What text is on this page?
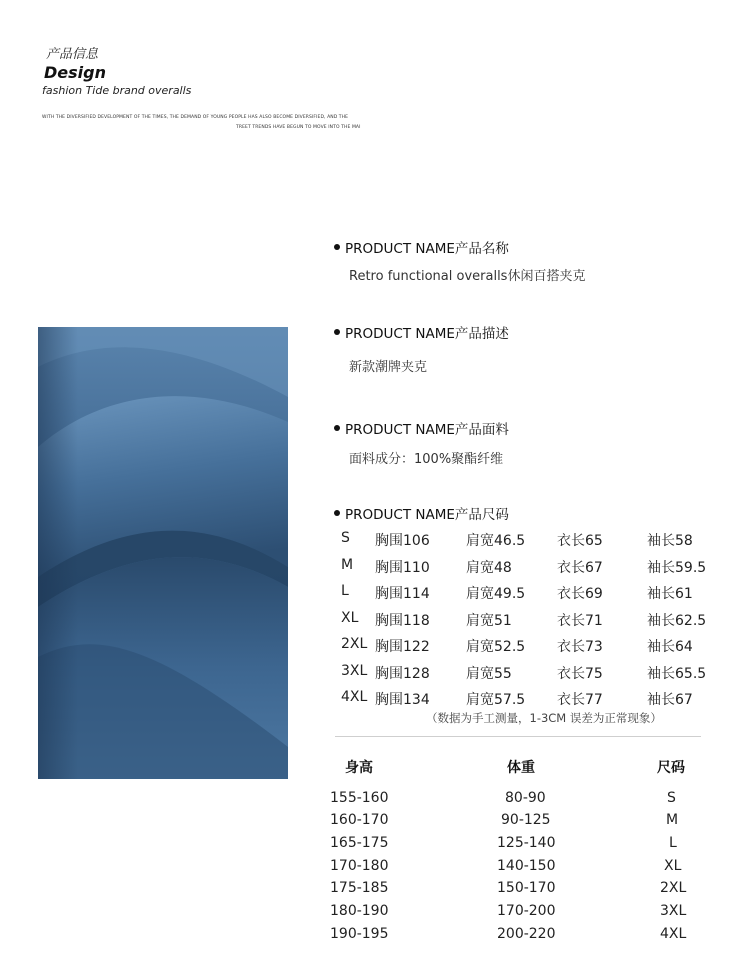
产品信息
Design
fashion Tide brand overalls
WITH THE DIVERSIFIED DEVELOPMENT OF THE TIMES, THE DEMAND OF YOUNG PEOPLE HAS ALSO BECOME DIVERSIFIED, AND THE
TREET TRENDS HAVE BEGUN TO MOVE INTO THE MAI
PRODUCT NAME产品名称
Retro functional overalls休闲百搭夹克
PRODUCT NAME产品描述
新款潮牌夹克
PRODUCT NAME产品面料
面料成分：100%聚酯纤维
PRODUCT NAME产品尺码
S 胸围106	肩宽46.5 衣长65	袖长58
M 胸围110	肩宽48	衣长67	袖长59.5
L 胸围114	肩宽49.5 衣长69	袖长61
XL 胸围118	肩宽51	衣长71	袖长62.5
2XL 胸围122	肩宽52.5 衣长73	袖长64
3XL 胸围128	肩宽55	衣长75	袖长65.5
4XL 胸围134	肩宽57.5 衣长77	袖长67
（数据为手工测量，1-3CM 误差为正常现象）
身高	体重	尺码
155-160	80-90	S
160-170	90-125	M
165-175	125-140	L
170-180	140-150	XL
175-185	150-170	2XL
180-190	170-200	3XL
190-195	200-220	4XL
